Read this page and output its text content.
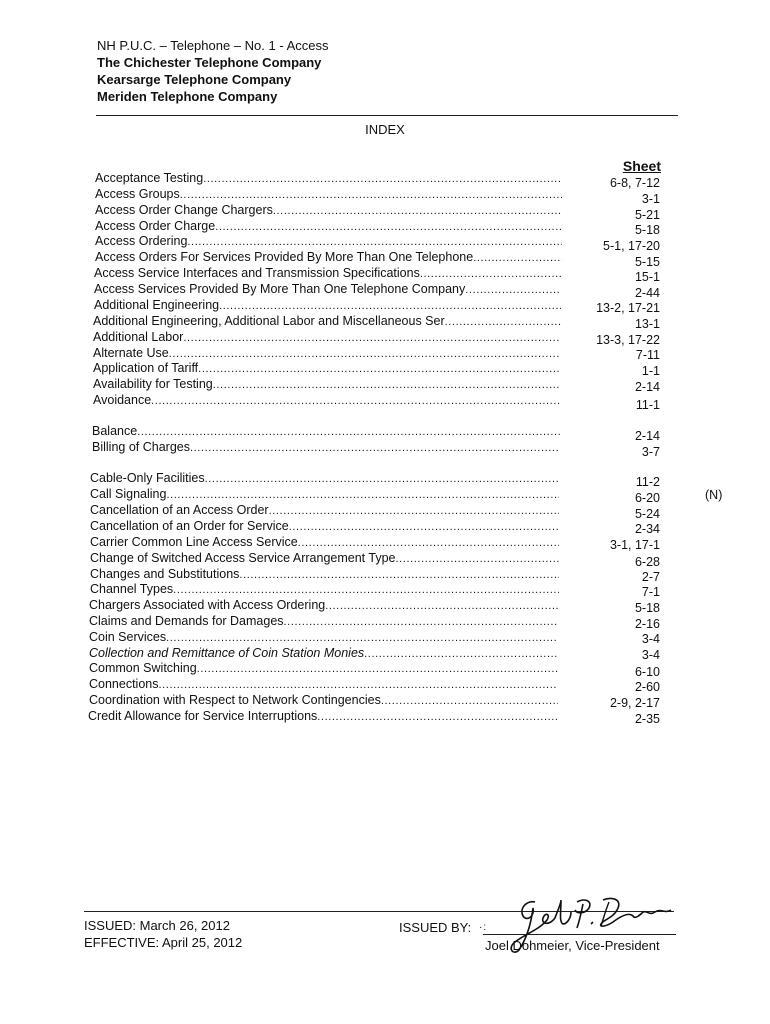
NH P.U.C. – Telephone – No. 1 - Access
The Chichester Telephone Company
Kearsarge Telephone Company
Meriden Telephone Company
INDEX
Sheet
Acceptance Testing .....	6-8, 7-12
Access Groups .....	3-1
Access Order Change Chargers .....	5-21
Access Order Charge .....	5-18
Access Ordering .....	5-1, 17-20
Access Orders For Services Provided By More Than One Telephone .....	5-15
Access Service Interfaces and Transmission Specifications .....	15-1
Access Services Provided By More Than One Telephone Company .....	2-44
Additional Engineering .....	13-2, 17-21
Additional Engineering, Additional Labor and Miscellaneous Ser .....	13-1
Additional Labor .....	13-3, 17-22
Alternate Use .....	7-11
Application of Tariff .....	1-1
Availability for Testing .....	2-14
Avoidance .....	11-1
Balance .....	2-14
Billing of Charges .....	3-7
Cable-Only Facilities .....	11-2
Call Signaling .....	6-20
Cancellation of an Access Order .....	5-24
Cancellation of an Order for Service .....	2-34
Carrier Common Line Access Service .....	3-1, 17-1
Change of Switched Access Service Arrangement Type .....	6-28
Changes and Substitutions .....	2-7
Channel Types .....	7-1
Chargers Associated with Access Ordering .....	5-18
Claims and Demands for Damages .....	2-16
Coin Services .....	3-4
Collection and Remittance of Coin Station Monies .....	3-4
Common Switching .....	6-10
Connections .....	2-60
Coordination with Respect to Network Contingencies .....	2-9, 2-17
Credit Allowance for Service Interruptions .....	2-35
(N)
ISSUED: March 26, 2012
EFFECTIVE: April 25, 2012
ISSUED BY: ·:
Joel Dohmeier, Vice-President
